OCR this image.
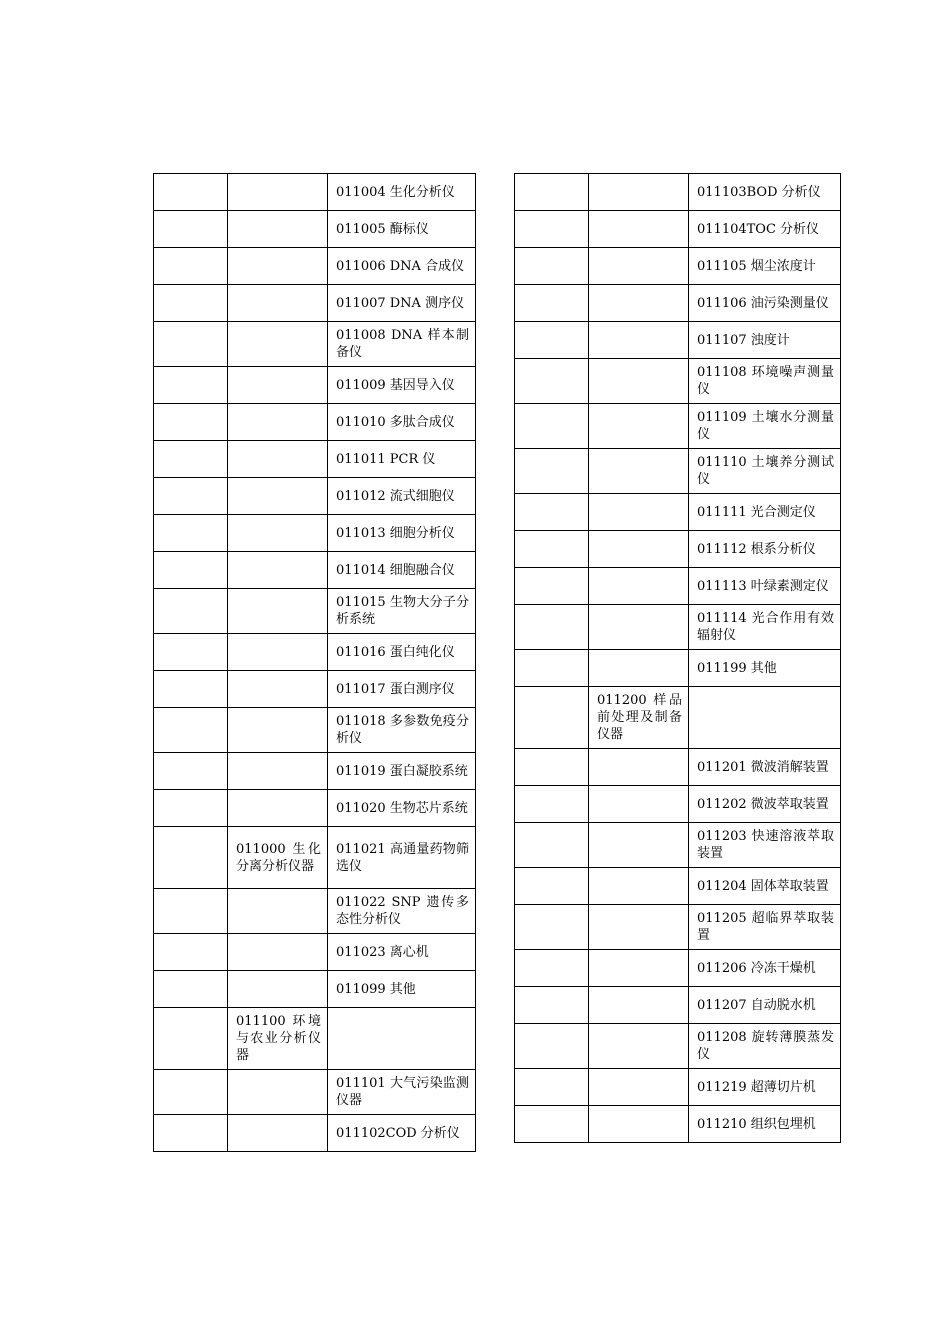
		011004 生化分析仪
		011005 酶标仪
		011006 DNA 合成仪
		011007 DNA 测序仪
		011008 DNA 样本制备仪
		011009 基因导入仪
		011010 多肽合成仪
		011011 PCR 仪
		011012 流式细胞仪
		011013 细胞分析仪
		011014 细胞融合仪
		011015 生物大分子分析系统
		011016 蛋白纯化仪
		011017 蛋白测序仪
		011018 多参数免疫分析仪
		011019 蛋白凝胶系统
		011020 生物芯片系统
	011000 生化分离分析仪器	011021 高通量药物筛选仪
		011022 SNP 遗传多态性分析仪
		011023 离心机
		011099 其他
	011100 环境与农业分析仪器	
		011101 大气污染监测仪器
		011102COD 分析仪
		011103BOD 分析仪
		011104TOC 分析仪
		011105 烟尘浓度计
		011106 油污染测量仪
		011107 浊度计
		011108 环境噪声测量仪
		011109 土壤水分测量仪
		011110 土壤养分测试仪
		011111 光合测定仪
		011112 根系分析仪
		011113 叶绿素测定仪
		011114 光合作用有效辐射仪
		011199 其他
	011200 样品前处理及制备仪器	
		011201 微波消解装置
		011202 微波萃取装置
		011203 快速溶液萃取装置
		011204 固体萃取装置
		011205 超临界萃取装置
		011206 冷冻干燥机
		011207 自动脱水机
		011208 旋转薄膜蒸发仪
		011219 超薄切片机
		011210 组织包埋机
